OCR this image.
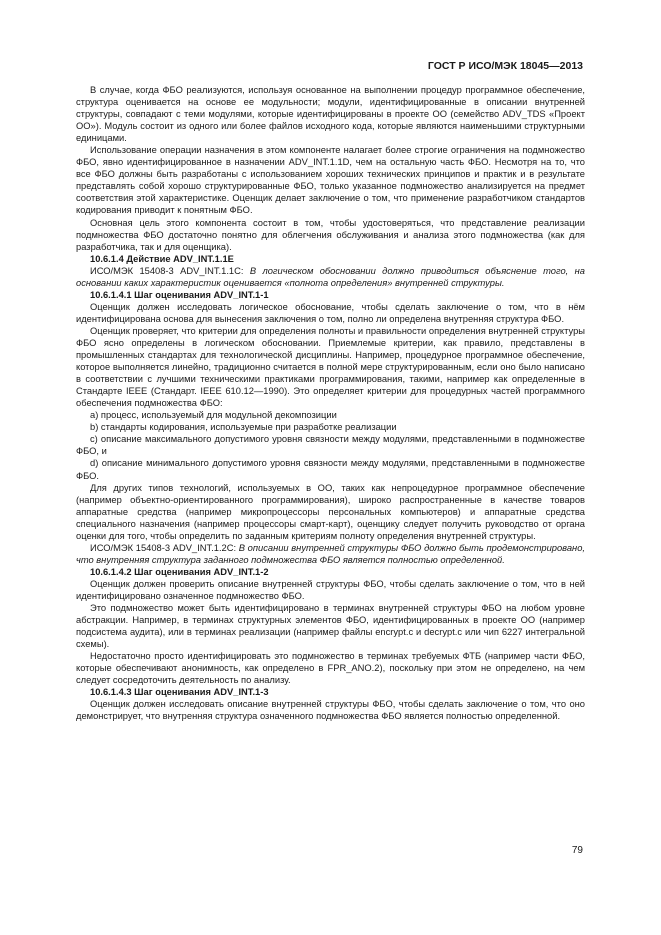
ГОСТ Р ИСО/МЭК 18045—2013

В случае, когда ФБО реализуются, используя основанное на выполнении процедур программное обеспечение, структура оценивается на основе ее модульности; модули, идентифицированные в описании внутренней структуры, совпадают с теми модулями, которые идентифицированы в проекте ОО (семейство ADV_TDS «Проект ОО»). Модуль состоит из одного или более файлов исходного кода, которые являются наименьшими структурными единицами.

Использование операции назначения в этом компоненте налагает более строгие ограничения на подмножество ФБО, явно идентифицированное в назначении ADV_INT.1.1D, чем на остальную часть ФБО. Несмотря на то, что все ФБО должны быть разработаны с использованием хороших технических принципов и практик и в результате представлять собой хорошо структурированные ФБО, только указанное подмножество анализируется на предмет соответствия этой характеристике. Оценщик делает заключение о том, что применение разработчиком стандартов кодирования приводит к понятным ФБО.

Основная цель этого компонента состоит в том, чтобы удостоверяться, что представление реализации подмножества ФБО достаточно понятно для облегчения обслуживания и анализа этого подмножества (как для разработчика, так и для оценщика).

10.6.1.4 Действие ADV_INT.1.1E

ИСО/МЭК 15408-3 ADV_INT.1.1С: В логическом обосновании должно приводиться объяснение того, на основании каких характеристик оценивается «полнота определения» внутренней структуры.

10.6.1.4.1 Шаг оценивания ADV_INT.1-1

Оценщик должен исследовать логическое обоснование, чтобы сделать заключение о том, что в нём идентифицирована основа для вынесения заключения о том, полно ли определена внутренняя структура ФБО.

Оценщик проверяет, что критерии для определения полноты и правильности определения внутренней структуры ФБО ясно определены в логическом обосновании. Приемлемые критерии, как правило, представлены в промышленных стандартах для технологической дисциплины. Например, процедурное программное обеспечение, которое выполняется линейно, традиционно считается в полной мере структурированным, если оно было написано в соответствии с лучшими техническими практиками программирования, такими, например как определенные в Стандарте IEEE (Стандарт. IEEE 610.12—1990). Это определяет критерии для процедурных частей программного обеспечения подмножества ФБО:

a) процесс, используемый для модульной декомпозиции

b) стандарты кодирования, используемые при разработке реализации

c) описание максимального допустимого уровня связности между модулями, представленными в подмножестве ФБО, и

d) описание минимального допустимого уровня связности между модулями, представленными в подмножестве ФБО.

Для других типов технологий, используемых в ОО, таких как непроцедурное программное обеспечение (например объектно-ориентированного программирования), широко распространенные в качестве товаров аппаратные средства (например микропроцессоры персональных компьютеров) и аппаратные средства специального назначения (например процессоры смарт-карт), оценщику следует получить руководство от органа оценки для того, чтобы определить по заданным критериям полноту определения внутренней структуры.

ИСО/МЭК 15408-3 ADV_INT.1.2С: В описании внутренней структуры ФБО должно быть продемонстрировано, что внутренняя структура заданного подмножества ФБО является полностью определенной.

10.6.1.4.2 Шаг оценивания ADV_INT.1-2

Оценщик должен проверить описание внутренней структуры ФБО, чтобы сделать заключение о том, что в ней идентифицировано означенное подмножество ФБО.

Это подмножество может быть идентифицировано в терминах внутренней структуры ФБО на любом уровне абстракции. Например, в терминах структурных элементов ФБО, идентифицированных в проекте ОО (например подсистема аудита), или в терминах реализации (например файлы encrypt.c и decrypt.c или чип 6227 интегральной схемы).

Недостаточно просто идентифицировать это подмножество в терминах требуемых ФТБ (например части ФБО, которые обеспечивают анонимность, как определено в FPR_ANO.2), поскольку при этом не определено, на чем следует сосредоточить деятельность по анализу.

10.6.1.4.3 Шаг оценивания ADV_INT.1-3

Оценщик должен исследовать описание внутренней структуры ФБО, чтобы сделать заключение о том, что оно демонстрирует, что внутренняя структура означенного подмножества ФБО является полностью определенной.

79
